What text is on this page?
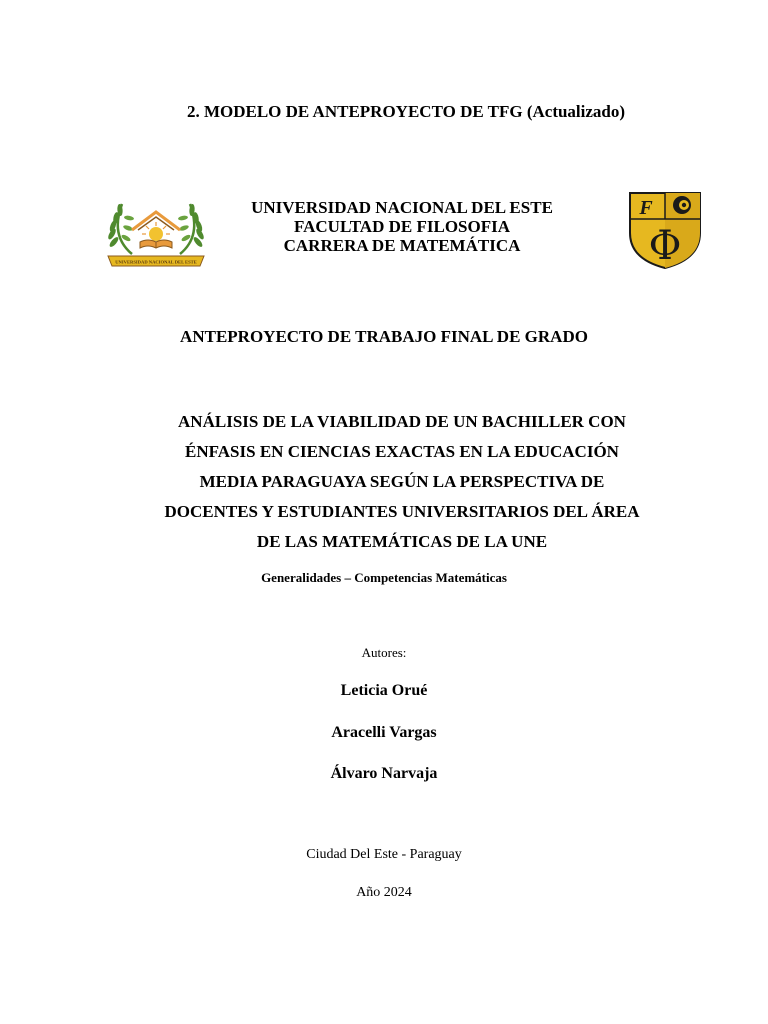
2. MODELO DE ANTEPROYECTO DE TFG (Actualizado)
UNIVERSIDAD NACIONAL DEL ESTE
UNIVERSIDAD NACIONAL DEL ESTE
FACULTAD DE FILOSOFIA
CARRERA DE MATEMÁTICA
F
Φ
ANTEPROYECTO DE TRABAJO FINAL DE GRADO
ANÁLISIS DE LA VIABILIDAD DE UN BACHILLER CON
ÉNFASIS EN CIENCIAS EXACTAS EN LA EDUCACIÓN
MEDIA PARAGUAYA SEGÚN LA PERSPECTIVA DE
DOCENTES Y ESTUDIANTES UNIVERSITARIOS DEL ÁREA
DE LAS MATEMÁTICAS DE LA UNE
Generalidades – Competencias Matemáticas
Autores:
Leticia Orué
Aracelli Vargas
Álvaro Narvaja
Ciudad Del Este - Paraguay
Año 2024
